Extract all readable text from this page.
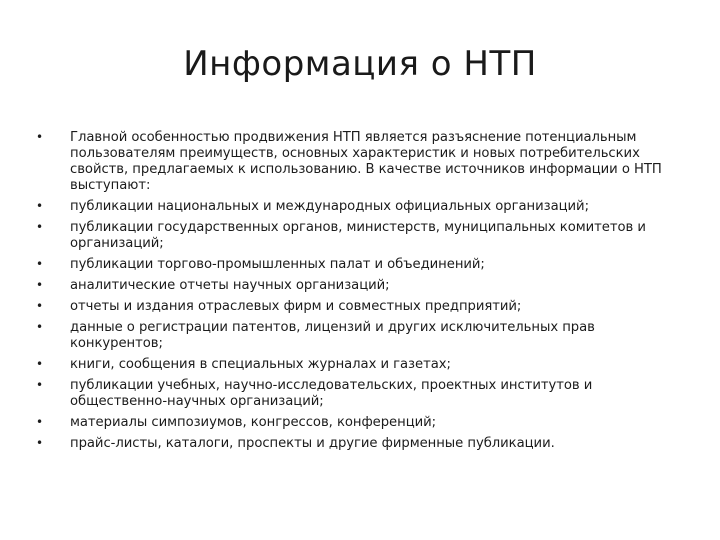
Информация о НТП
• Главной особенностью продвижения НТП является разъяснение потенциальным пользователям преимуществ, основных характеристик и новых потребительских свойств, предлагаемых к использованию. В качестве источников информации о НТП выступают:
• публикации национальных и международных официальных организаций;
• публикации государственных органов, министерств, муниципальных комитетов и организаций;
• публикации торгово-промышленных палат и объединений;
• аналитические отчеты научных организаций;
• отчеты и издания отраслевых фирм и совместных предприятий;
• данные о регистрации патентов, лицензий и других исключительных прав конкурентов;
• книги, сообщения в специальных журналах и газетах;
• публикации учебных, научно-исследовательских, проектных институтов и общественно-научных организаций;
• материалы симпозиумов, конгрессов, конференций;
• прайс-листы, каталоги, проспекты и другие фирменные публикации.
